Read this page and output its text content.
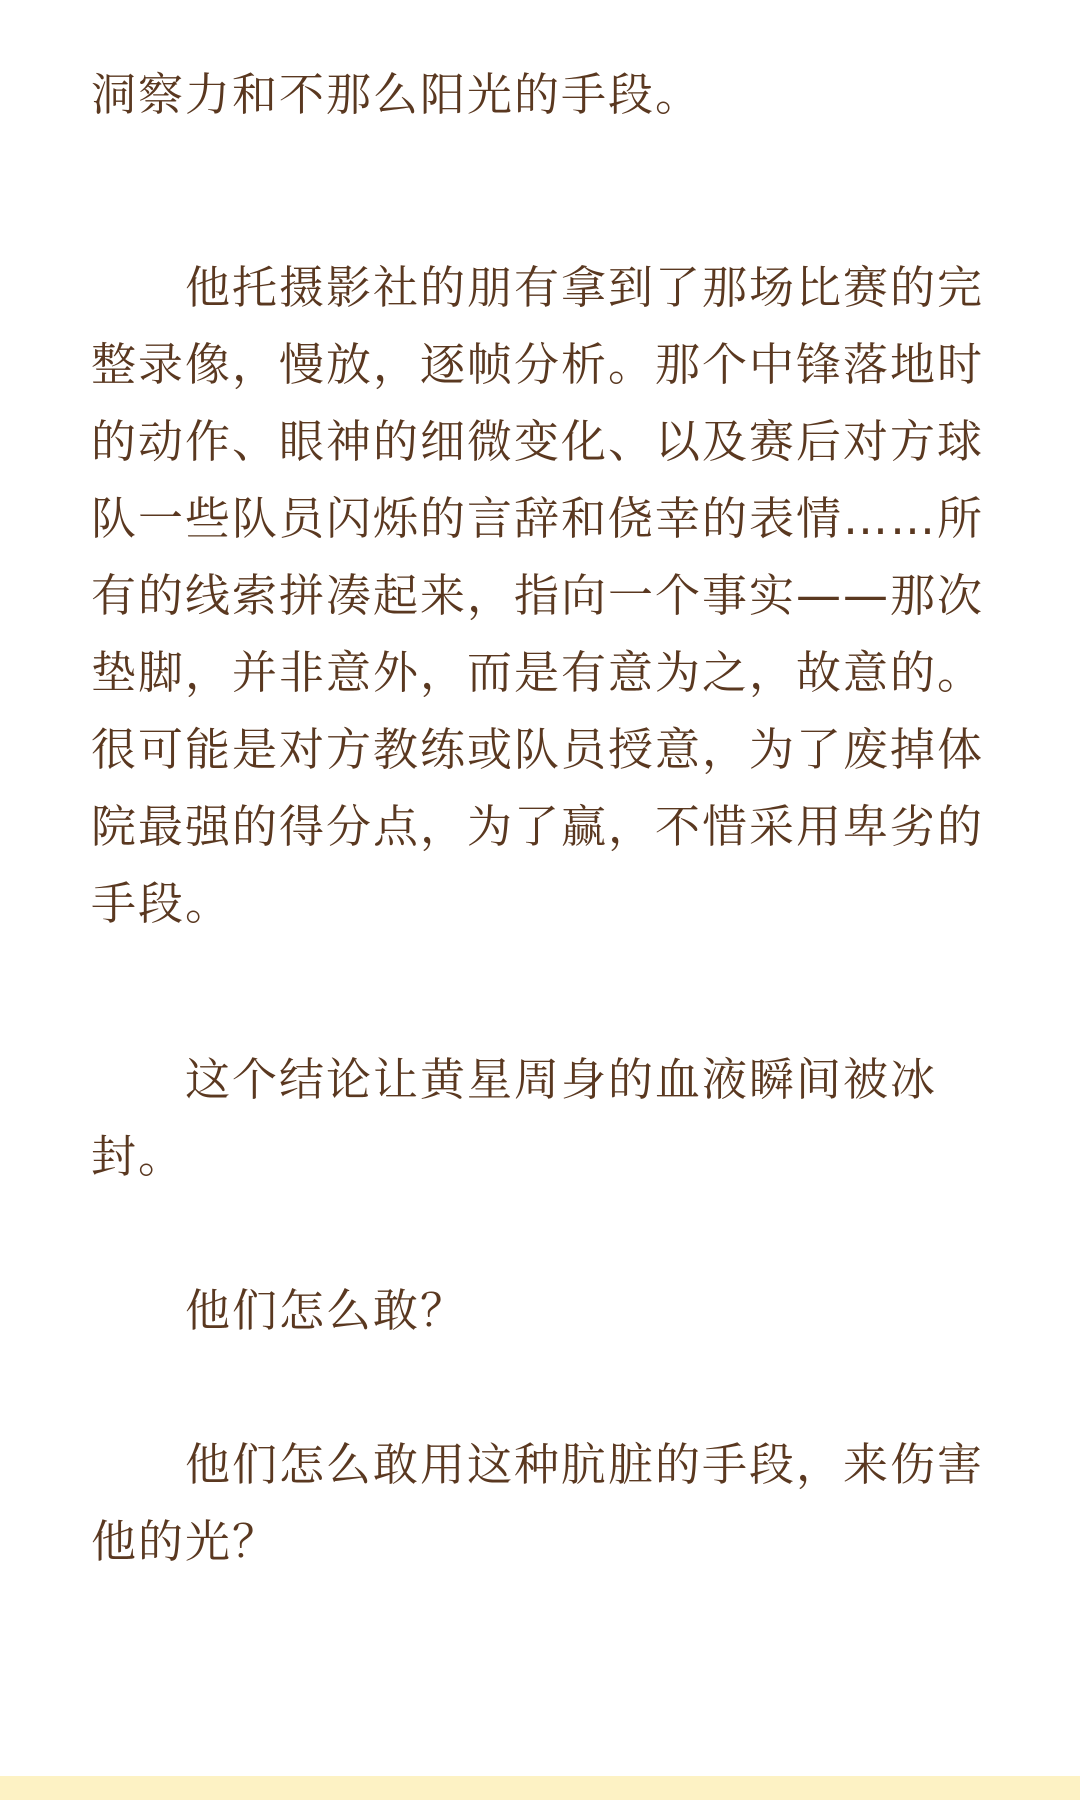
洞察力和不那么阳光的手段。

　　他托摄影社的朋有拿到了那场比赛的完整录像，慢放，逐帧分析。那个中锋落地时的动作、眼神的细微变化、以及赛后对方球队一些队员闪烁的言辞和侥幸的表情……所有的线索拼凑起来，指向一个事实——那次垫脚，并非意外，而是有意为之，故意的。很可能是对方教练或队员授意，为了废掉体院最强的得分点，为了赢，不惜采用卑劣的手段。

　　这个结论让黄星周身的血液瞬间被冰封。

　　他们怎么敢？

　　他们怎么敢用这种肮脏的手段，来伤害他的光？
